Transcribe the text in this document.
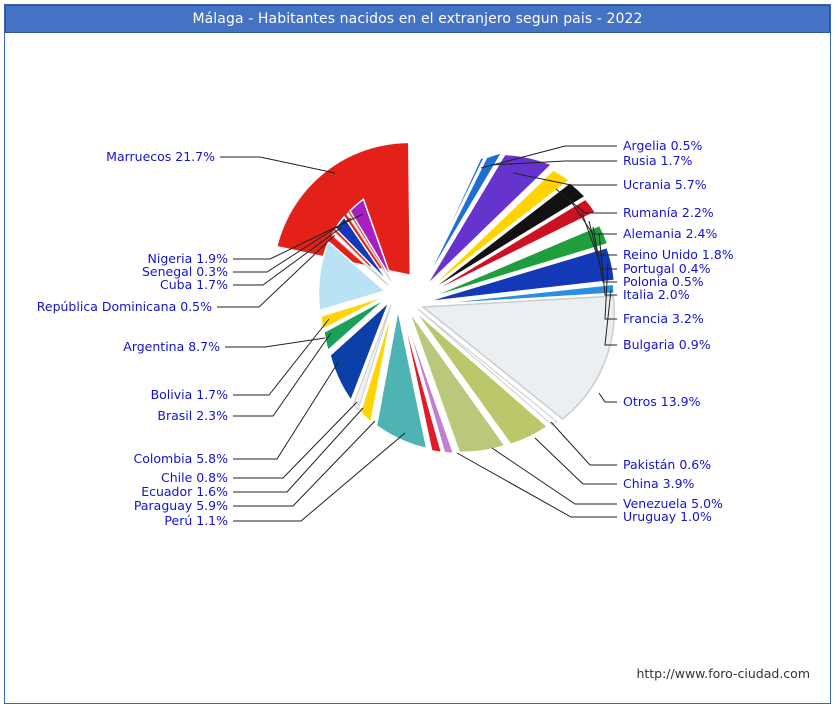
Málaga - Habitantes nacidos en el extranjero segun pais - 2022
Argelia 0.5%
Rusia 1.7%
Ucrania 5.7%
Rumanía 2.2%
Alemania 2.4%
Reino Unido 1.8%
Portugal 0.4%
Polonia 0.5%
Italia 2.0%
Francia 3.2%
Bulgaria 0.9%
Otros 13.9%
Pakistán 0.6%
China 3.9%
Venezuela 5.0%
Uruguay 1.0%
Marruecos 21.7%
Nigeria 1.9%
Senegal 0.3%
Cuba 1.7%
República Dominicana 0.5%
Argentina 8.7%
Bolivia 1.7%
Brasil 2.3%
Colombia 5.8%
Chile 0.8%
Ecuador 1.6%
Paraguay 5.9%
Perú 1.1%
http://www.foro-ciudad.com
